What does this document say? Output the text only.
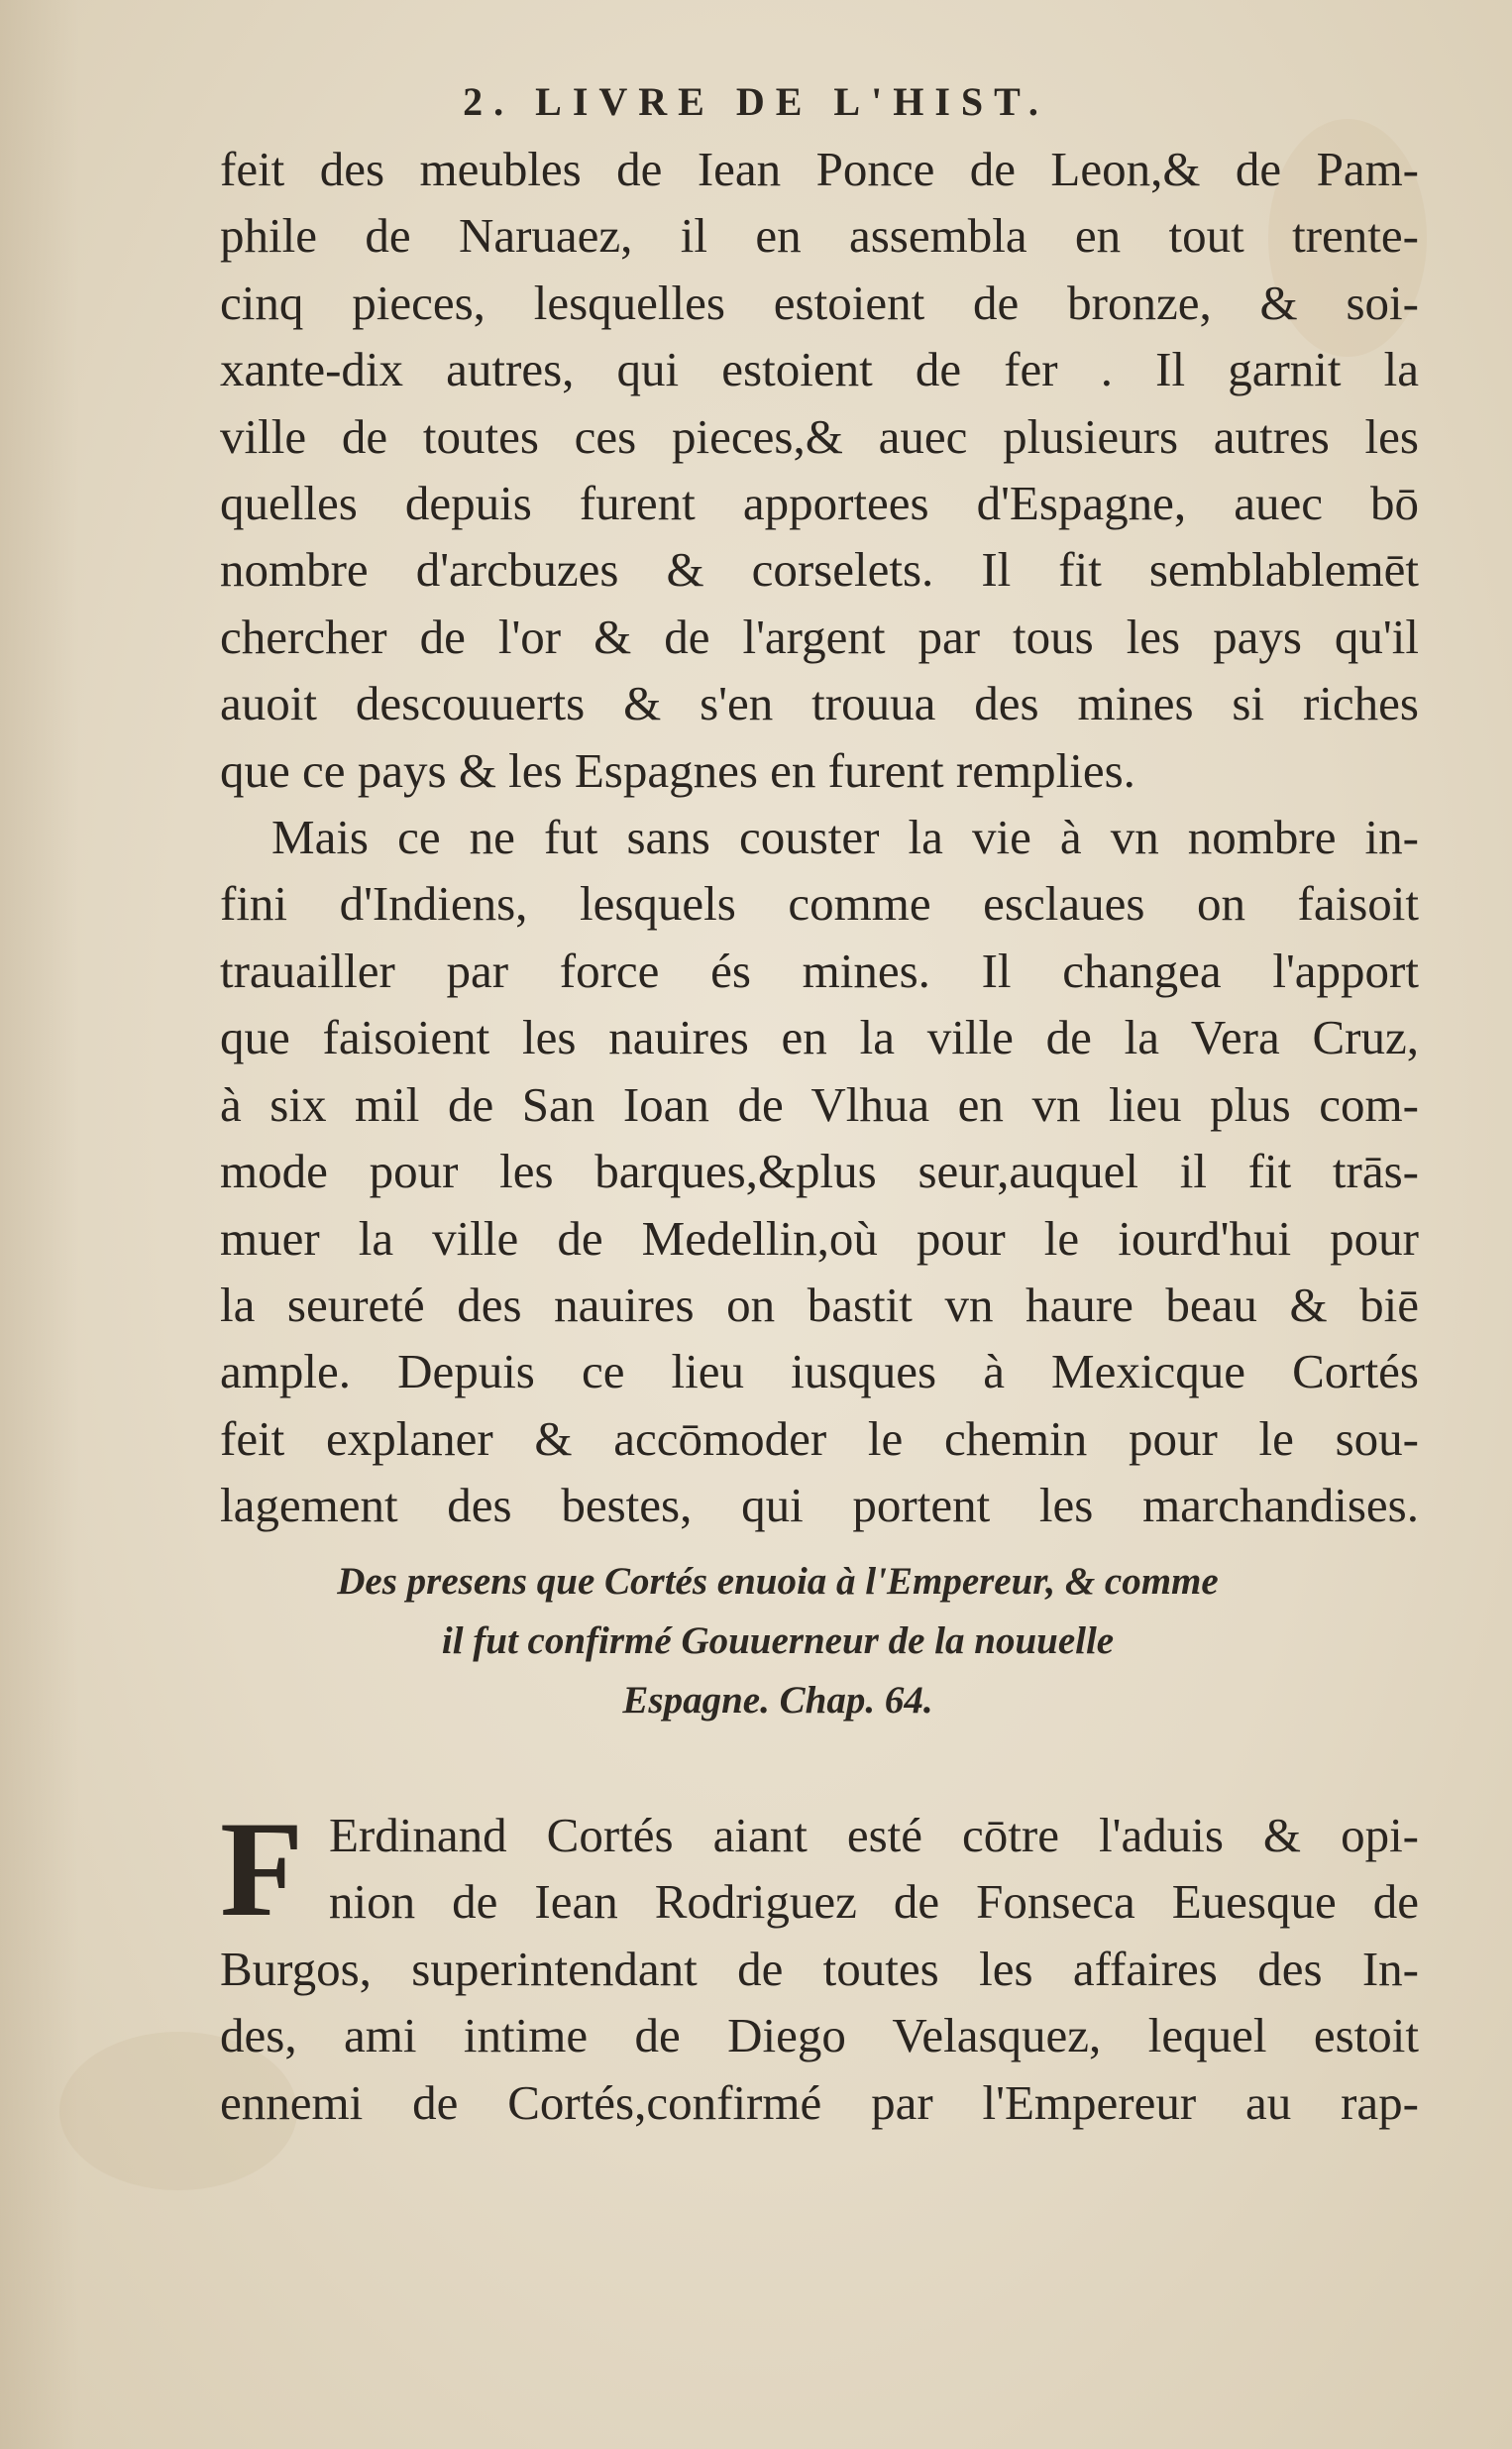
2. LIVRE DE L'HIST.
feit des meubles de Iean Ponce de Leon,& de Pam-
phile de Naruaez, il en assembla en tout trente-
cinq pieces, lesquelles estoient de bronze, & soi-
xante-dix autres, qui estoient de fer . Il garnit la
ville de toutes ces pieces,& auec plusieurs autres les
quelles depuis furent apportees d'Espagne, auec bō
nombre d'arcbuzes & corselets. Il fit semblablemēt
chercher de l'or & de l'argent par tous les pays qu'il
auoit descouuerts & s'en trouua des mines si riches
que ce pays & les Espagnes en furent remplies.
Mais ce ne fut sans couster la vie à vn nombre in-
fini d'Indiens, lesquels comme esclaues on faisoit
trauailler par force és mines. Il changea l'apport
que faisoient les nauires en la ville de la Vera Cruz,
à six mil de San Ioan de Vlhua en vn lieu plus com-
mode pour les barques,&plus seur,auquel il fit trās-
muer la ville de Medellin,où pour le iourd'hui pour
la seureté des nauires on bastit vn haure beau & biē
ample. Depuis ce lieu iusques à Mexicque Cortés
feit explaner & accōmoder le chemin pour le sou-
lagement des bestes, qui portent les marchandises.
Des presens que Cortés enuoia à l'Empereur, & comme
il fut confirmé Gouuerneur de la nouuelle
Espagne. Chap. 64.
F Erdinand Cortés aiant esté cōtre l'aduis & opi-
nion de Iean Rodriguez de Fonseca Euesque de
Burgos, superintendant de toutes les affaires des In-
des, ami intime de Diego Velasquez, lequel estoit
ennemi de Cortés,confirmé par l'Empereur au rap-
